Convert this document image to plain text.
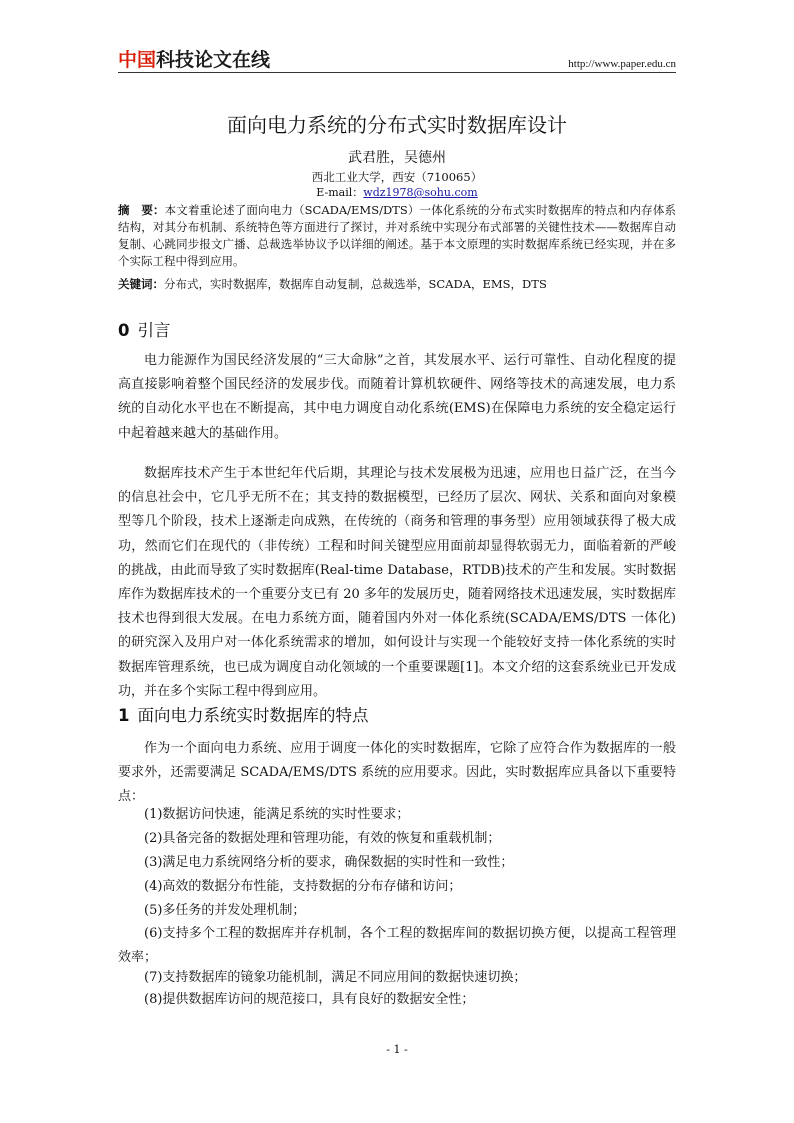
中国科技论文在线	http://www.paper.edu.cn
面向电力系统的分布式实时数据库设计
武君胜，吴德州
西北工业大学，西安（710065）
E-mail：wdz1978@sohu.com
摘　要：本文着重论述了面向电力（SCADA/EMS/DTS）一体化系统的分布式实时数据库的特点和内存体系结构，对其分布机制、系统特色等方面进行了探讨，并对系统中实现分布式部署的关键性技术——数据库自动复制、心跳同步报文广播、总裁选举协议予以详细的阐述。基于本文原理的实时数据库系统已经实现，并在多个实际工程中得到应用。
关键词：分布式，实时数据库，数据库自动复制，总裁选举，SCADA，EMS，DTS
0 引言
电力能源作为国民经济发展的“三大命脉”之首，其发展水平、运行可靠性、自动化程度的提高直接影响着整个国民经济的发展步伐。而随着计算机软硬件、网络等技术的高速发展，电力系统的自动化水平也在不断提高，其中电力调度自动化系统(EMS)在保障电力系统的安全稳定运行中起着越来越大的基础作用。
数据库技术产生于本世纪年代后期，其理论与技术发展极为迅速，应用也日益广泛，在当今的信息社会中，它几乎无所不在；其支持的数据模型，已经历了层次、网状、关系和面向对象模型等几个阶段，技术上逐渐走向成熟，在传统的（商务和管理的事务型）应用领域获得了极大成功，然而它们在现代的（非传统）工程和时间关键型应用面前却显得软弱无力，面临着新的严峻的挑战，由此而导致了实时数据库(Real-time Database，RTDB)技术的产生和发展。实时数据库作为数据库技术的一个重要分支已有 20 多年的发展历史，随着网络技术迅速发展，实时数据库技术也得到很大发展。在电力系统方面，随着国内外对一体化系统(SCADA/EMS/DTS 一体化)的研究深入及用户对一体化系统需求的增加，如何设计与实现一个能较好支持一体化系统的实时数据库管理系统，也已成为调度自动化领域的一个重要课题[1]。本文介绍的这套系统业已开发成功，并在多个实际工程中得到应用。
1 面向电力系统实时数据库的特点
作为一个面向电力系统、应用于调度一体化的实时数据库，它除了应符合作为数据库的一般要求外，还需要满足 SCADA/EMS/DTS 系统的应用要求。因此，实时数据库应具备以下重要特点：
(1)数据访问快速，能满足系统的实时性要求；
(2)具备完备的数据处理和管理功能，有效的恢复和重载机制；
(3)满足电力系统网络分析的要求，确保数据的实时性和一致性；
(4)高效的数据分布性能，支持数据的分布存储和访问；
(5)多任务的并发处理机制；
(6)支持多个工程的数据库并存机制，各个工程的数据库间的数据切换方便，以提高工程管理效率；
(7)支持数据库的镜象功能机制，满足不同应用间的数据快速切换；
(8)提供数据库访问的规范接口，具有良好的数据安全性；
- 1 -
